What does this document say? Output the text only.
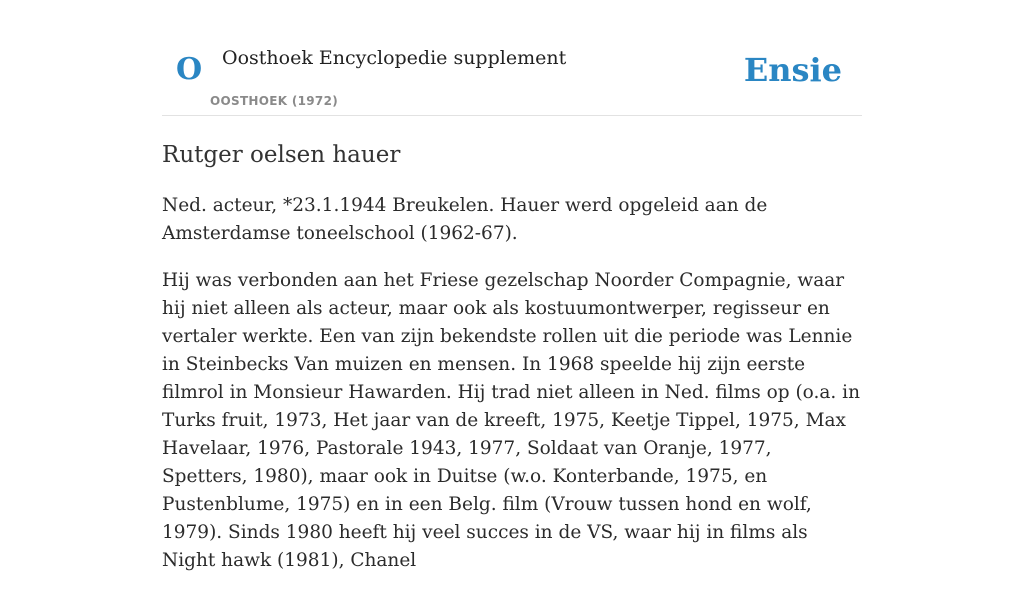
O Oosthoek Encyclopedie supplement
OOSTHOEK (1972)
Ensie
Rutger oelsen hauer

Ned. acteur, *23.1.1944 Breukelen. Hauer werd opgeleid aan de Amsterdamse toneelschool (1962-67).

Hij was verbonden aan het Friese gezelschap Noorder Compagnie, waar hij niet alleen als acteur, maar ook als kostuumontwerper, regisseur en vertaler werkte. Een van zijn bekendste rollen uit die periode was Lennie in Steinbecks Van muizen en mensen. In 1968 speelde hij zijn eerste filmrol in Monsieur Hawarden. Hij trad niet alleen in Ned. films op (o.a. in Turks fruit, 1973, Het jaar van de kreeft, 1975, Keetje Tippel, 1975, Max Havelaar, 1976, Pastorale 1943, 1977, Soldaat van Oranje, 1977, Spetters, 1980), maar ook in Duitse (w.o. Konterbande, 1975, en Pustenblume, 1975) en in een Belg. film (Vrouw tussen hond en wolf, 1979). Sinds 1980 heeft hij veel succes in de VS, waar hij in films als Night hawk (1981), Chanel
